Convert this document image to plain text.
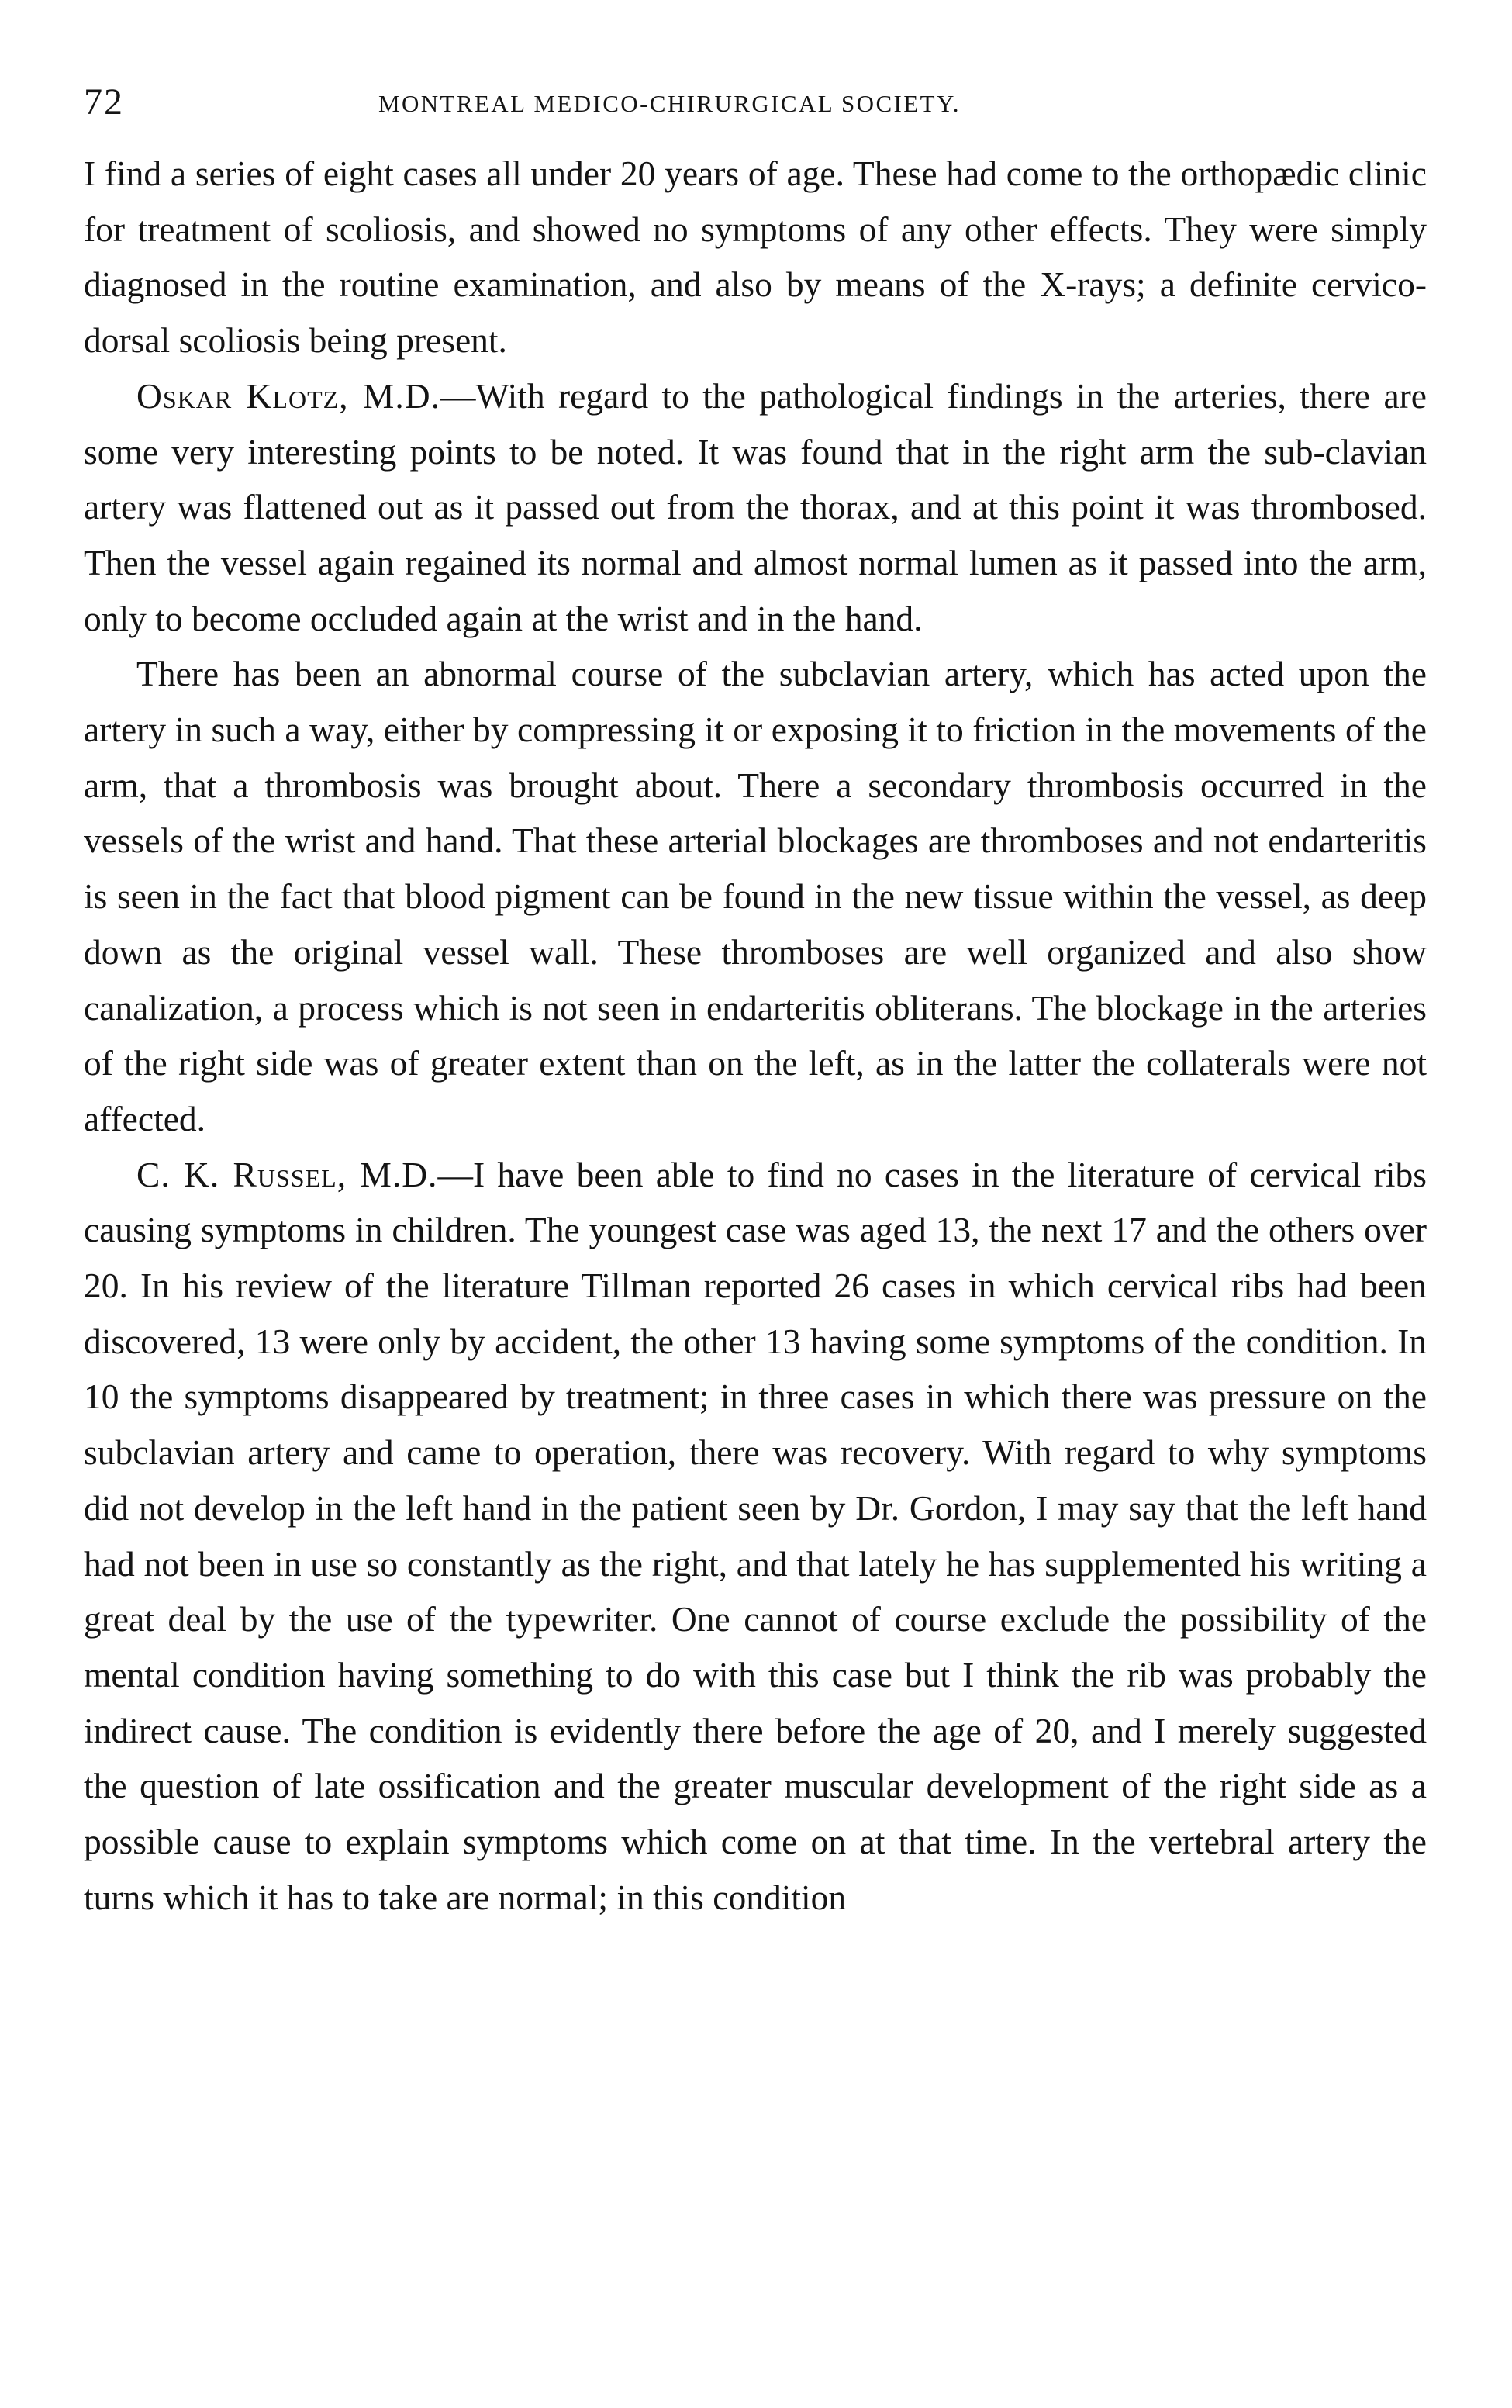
72	MONTREAL MEDICO-CHIRURGICAL SOCIETY.

I find a series of eight cases all under 20 years of age. These had come to the orthopædic clinic for treatment of scoliosis, and showed no symptoms of any other effects. They were simply diagnosed in the routine examination, and also by means of the X-rays; a definite cervico-dorsal scoliosis being present.

Oskar Klotz, M.D.—With regard to the pathological findings in the arteries, there are some very interesting points to be noted. It was found that in the right arm the sub-clavian artery was flattened out as it passed out from the thorax, and at this point it was thrombosed. Then the vessel again regained its normal and almost normal lumen as it passed into the arm, only to become occluded again at the wrist and in the hand.

There has been an abnormal course of the subclavian artery, which has acted upon the artery in such a way, either by compressing it or exposing it to friction in the movements of the arm, that a thrombosis was brought about. There a secondary thrombosis occurred in the vessels of the wrist and hand. That these arterial blockages are thromboses and not endarteritis is seen in the fact that blood pigment can be found in the new tissue within the vessel, as deep down as the original vessel wall. These thromboses are well organized and also show canalization, a process which is not seen in endarteritis obliterans. The blockage in the arteries of the right side was of greater extent than on the left, as in the latter the collaterals were not affected.

C. K. Russel, M.D.—I have been able to find no cases in the literature of cervical ribs causing symptoms in children. The youngest case was aged 13, the next 17 and the others over 20. In his review of the literature Tillman reported 26 cases in which cervical ribs had been discovered, 13 were only by accident, the other 13 having some symptoms of the condition. In 10 the symptoms disappeared by treatment; in three cases in which there was pressure on the subclavian artery and came to operation, there was recovery. With regard to why symptoms did not develop in the left hand in the patient seen by Dr. Gordon, I may say that the left hand had not been in use so constantly as the right, and that lately he has supplemented his writing a great deal by the use of the typewriter. One cannot of course exclude the possibility of the mental condition having something to do with this case but I think the rib was probably the indirect cause. The condition is evidently there before the age of 20, and I merely suggested the question of late ossification and the greater muscular development of the right side as a possible cause to explain symptoms which come on at that time. In the vertebral artery the turns which it has to take are normal; in this condition
